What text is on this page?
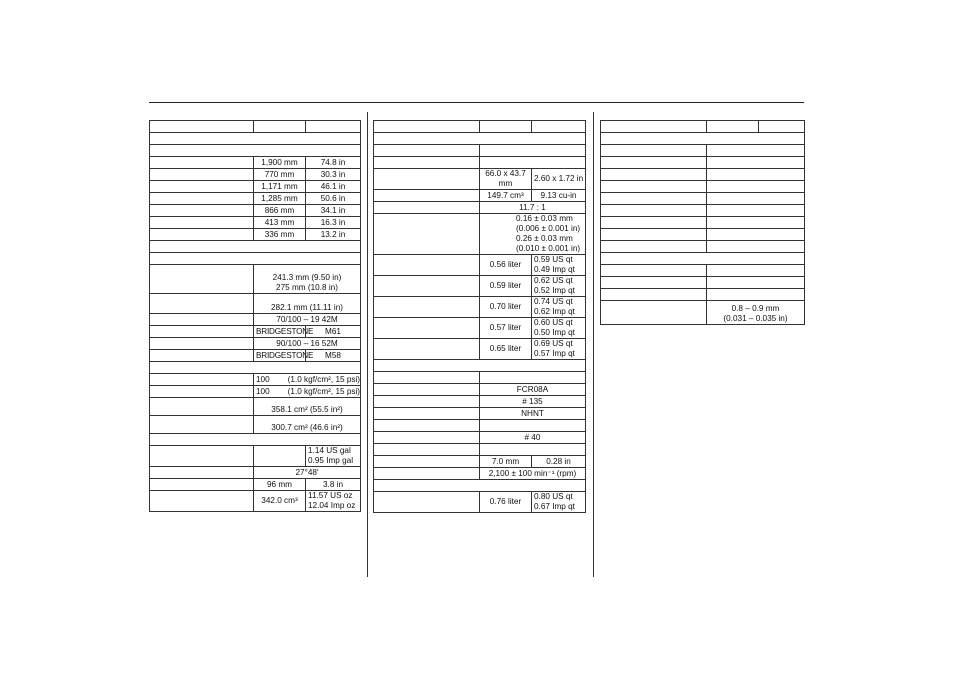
	1,900 mm	74.8 in
	770 mm	30.3 in
	1,171 mm	46.1 in
	1,285 mm	50.6 in
	866 mm	34.1 in
	413 mm	16.3 in
	336 mm	13.2 in

	241.3 mm (9.50 in)
275 mm (10.8 in)	

	282.1 mm (11.11 in)	
	70/100 – 19 42M	
	BRIDGESTONE	M61
	90/100 – 16 52M	
	BRIDGESTONE	M58

	100 (1.0 kgf/cm², 15 psi)	
	100 (1.0 kgf/cm², 15 psi)	
	358.1 cm² (55.5 in²)	
	300.7 cm² (46.6 in²)	

		1.14 US gal
0.95 Imp gal

	27°48'	
	96 mm	3.8 in
	342.0 cm³	11.57 US oz
12.04 Imp oz

	66.0 x 43.7 mm	2.60 x 1.72 in
	149.7 cm³	9.13 cu-in
	11.7 : 1	

	0.16 ± 0.03 mm
(0.006 ± 0.001 in)
0.26 ± 0.03 mm
(0.010 ± 0.001 in)	

	0.56 liter	0.59 US qt
0.49 Imp qt

	0.59 liter	0.62 US qt
0.52 Imp qt

	0.70 liter	0.74 US qt
0.62 Imp qt

	0.57 liter	0.60 US qt
0.50 Imp qt

	0.65 liter	0.69 US qt
0.57 Imp qt

	FCR08A	
	# 135	
	NHNT	

	# 40	

	7.0 mm	0.28 in
	2,100 ± 100 min⁻¹ (rpm)	

	0.76 liter	0.80 US qt
0.67 Imp qt

	0.8 – 0.9 mm
(0.031 – 0.035 in)	
